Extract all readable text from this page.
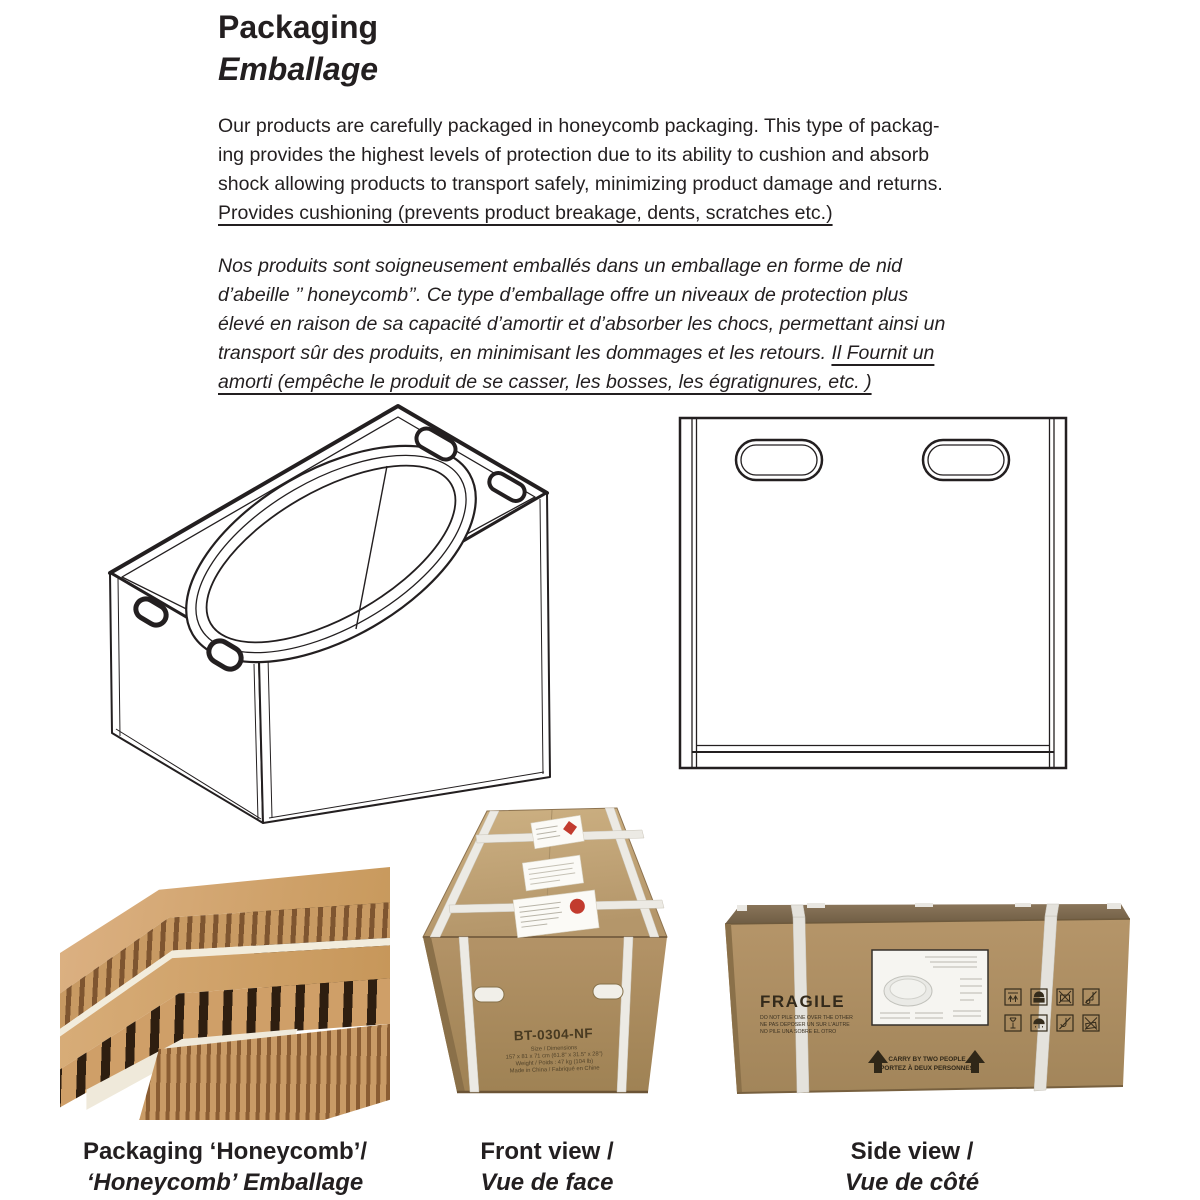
Packaging
Emballage
Our products are carefully packaged in honeycomb packaging. This type of packag-
ing provides the highest levels of protection due to its ability to cushion and absorb
shock allowing products to transport safely, minimizing product damage and returns.
Provides cushioning (prevents product breakage, dents, scratches etc.)
Nos produits sont soigneusement emballés dans un emballage en forme de nid
d’abeille ’’ honeycomb’’. Ce type d’emballage offre un niveaux de protection plus
élevé en raison de sa capacité d’amortir et d’absorber les chocs, permettant ainsi un
transport sûr des produits, en minimisant les dommages et les retours. Il Fournit un
amorti (empêche le produit de se casser, les bosses, les égratignures, etc. )
BT-0304-NF
Size / Dimensions
157 x 81 x 71 cm (61.8" x 31.5" x 28")
Weight / Poids : 47 kg (104 lb)
Made in China / Fabriqué en Chine
FRAGILE
DO NOT PILE ONE OVER THE OTHER
NE PAS DEPOSER UN SUR L'AUTRE
NO PILE UNA SOBRE EL OTRO
CARRY BY TWO PEOPLE
PORTEZ À DEUX PERSONNES
Packaging ‘Honeycomb’/
‘Honeycomb’ Emballage
Front view /
Vue de face
Side view /
Vue de côté
